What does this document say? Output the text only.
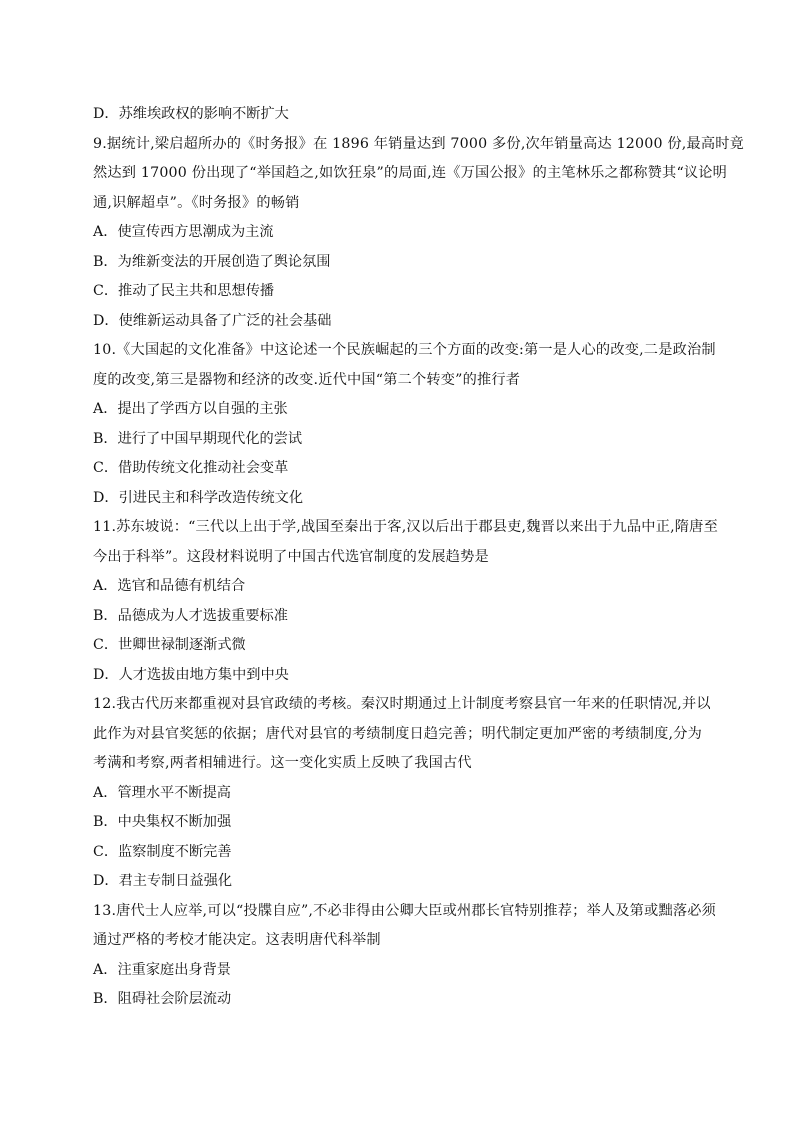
D．苏维埃政权的影响不断扩大
9.据统计,梁启超所办的《时务报》在 1896 年销量达到 7000 多份,次年销量高达 12000 份,最高时竟
然达到 17000 份出现了“举国趋之,如饮狂泉”的局面,连《万国公报》的主笔林乐之都称赞其“议论明
通,识解超卓”。《时务报》的畅销
A．使宣传西方思潮成为主流
B．为维新变法的开展创造了舆论氛围
C．推动了民主共和思想传播
D．使维新运动具备了广泛的社会基础
10.《大国起的文化准备》中这论述一个民族崛起的三个方面的改变:第一是人心的改变,二是政治制
度的改变,第三是器物和经济的改变.近代中国“第二个转变”的推行者
A．提出了学西方以自强的主张
B．进行了中国早期现代化的尝试
C．借助传统文化推动社会变革
D．引进民主和科学改造传统文化
11.苏东坡说：“三代以上出于学,战国至秦出于客,汉以后出于郡县吏,魏晋以来出于九品中正,隋唐至
今出于科举”。这段材料说明了中国古代选官制度的发展趋势是
A．选官和品德有机结合
B．品德成为人才选拔重要标准
C．世卿世禄制逐渐式微
D．人才选拔由地方集中到中央
12.我古代历来都重视对县官政绩的考核。秦汉时期通过上计制度考察县官一年来的任职情况,并以
此作为对县官奖惩的依据；唐代对县官的考绩制度日趋完善；明代制定更加严密的考绩制度,分为
考满和考察,两者相辅进行。这一变化实质上反映了我国古代
A．管理水平不断提高
B．中央集权不断加强
C．监察制度不断完善
D．君主专制日益强化
13.唐代士人应举,可以“投牒自应”,不必非得由公卿大臣或州郡长官特别推荐；举人及第或黜落必须
通过严格的考校才能决定。这表明唐代科举制
A．注重家庭出身背景
B．阻碍社会阶层流动
